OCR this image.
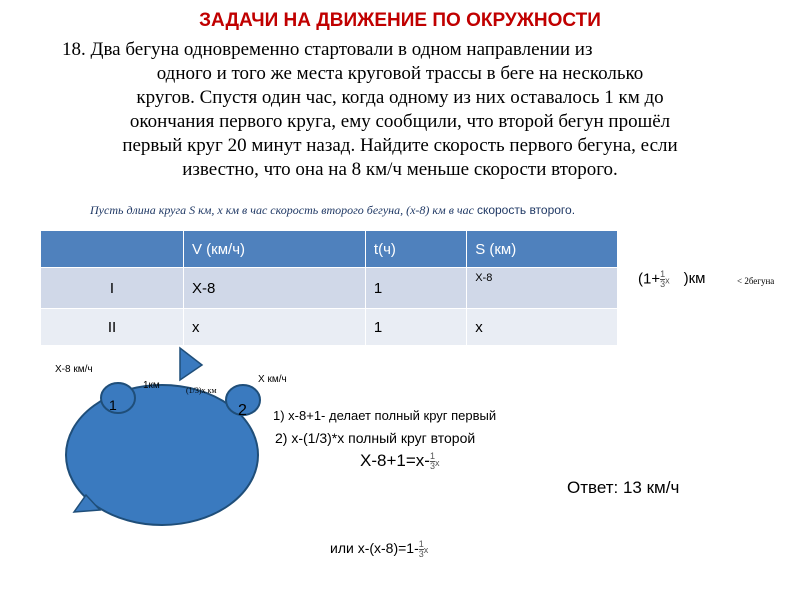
ЗАДАЧИ НА ДВИЖЕНИЕ ПО ОКРУЖНОСТИ
18. Два бегуна одновременно стартовали в одном направлении из
одного и того же места круговой трассы в беге на несколько
кругов. Спустя один час, когда одному из них оставалось 1 км до
окончания первого круга, ему сообщили, что второй бегун прошёл
первый круг 20 минут назад. Найдите скорость первого бегуна, если
известно, что она на 8 км/ч меньше скорости второго.
Пусть длина круга S км, х км в час скорость второго бегуна, (х-8) км в час скорость второго.
	V (км/ч)	t(ч)	S (км)
I	Х-8	1	Х-8
II	х	1	х
($1+ \frac{1}{3}$ х )км	< 2бегуна
Х-8 км/ч
Х км/ч
1км	(1/3)х км
1	2 1) х-8+1- делает полный круг первый
2) х-(1/3)*х полный круг второй
$Х-8+1=х- \frac{1}{3}$ х
Ответ: 13 км/ч
или $х-(х-8)=1- \frac{1}{3}$ х
